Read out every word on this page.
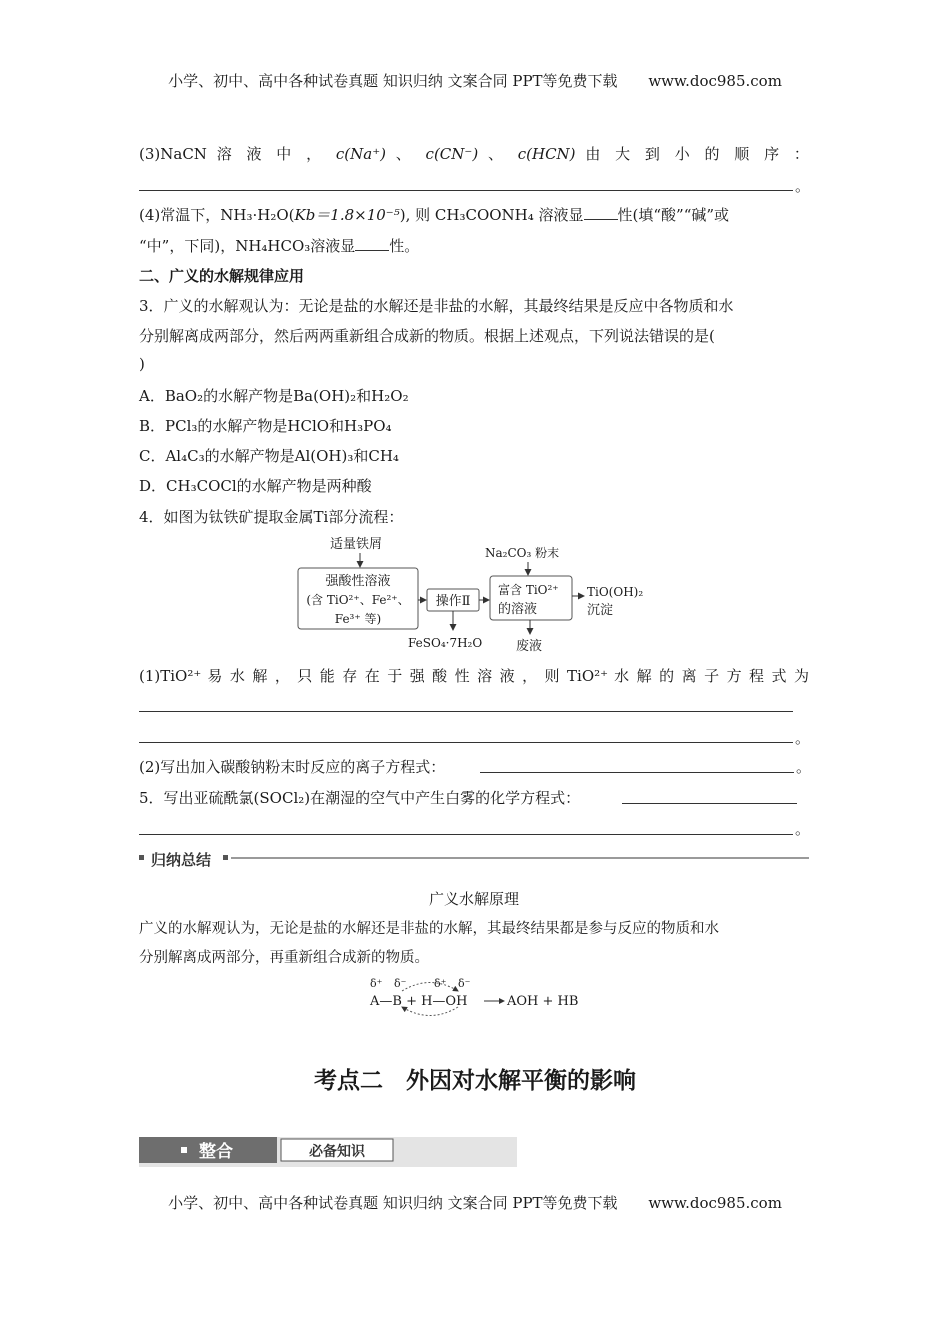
小学、初中、高中各种试卷真题 知识归纳 文案合同 PPT等免费下载 www.doc985.com
(3)NaCN 溶 液 中 ， c(Na⁺) 、 c(CN⁻) 、 c(HCN) 由 大 到 小 的 顺 序 ：
。
(4)常温下，NH₃·H₂O(Kb＝1.8×10⁻⁵), 则 CH₃COONH₄ 溶液显 性(填“酸”“碱”或
“中”，下同)，NH₄HCO₃溶液显 性。
二、广义的水解规律应用
3．广义的水解观认为：无论是盐的水解还是非盐的水解，其最终结果是反应中各物质和水
分别解离成两部分，然后两两重新组合成新的物质。根据上述观点，下列说法错误的是(
)
A．BaO₂的水解产物是Ba(OH)₂和H₂O₂
B．PCl₃的水解产物是HClO和H₃PO₄
C．Al₄C₃的水解产物是Al(OH)₃和CH₄
D．CH₃COCl的水解产物是两种酸
4．如图为钛铁矿提取金属Ti部分流程：
适量铁屑
强酸性溶液
(含 TiO²⁺、Fe²⁺、
Fe³⁺ 等)
操作Ⅱ
FeSO₄·7H₂O
Na₂CO₃ 粉末
富含 TiO²⁺
的溶液
废液
TiO(OH)₂
沉淀
(1)TiO²⁺ 易 水 解 ， 只 能 存 在 于 强 酸 性 溶 液 ， 则 TiO²⁺ 水 解 的 离 子 方 程 式 为
。
(2)写出加入碳酸钠粉末时反应的离子方程式：	。
5．写出亚硫酰氯(SOCl₂)在潮湿的空气中产生白雾的化学方程式：
。
归纳总结
广义水解原理
广义的水解观认为，无论是盐的水解还是非盐的水解，其最终结果都是参与反应的物质和水
分别解离成两部分，再重新组合成新的物质。
δ⁺ δ⁻	δ⁺ δ⁻
A—B + H—OH	AOH + HB
考点二　外因对水解平衡的影响
整合	必备知识
小学、初中、高中各种试卷真题 知识归纳 文案合同 PPT等免费下载 www.doc985.com
